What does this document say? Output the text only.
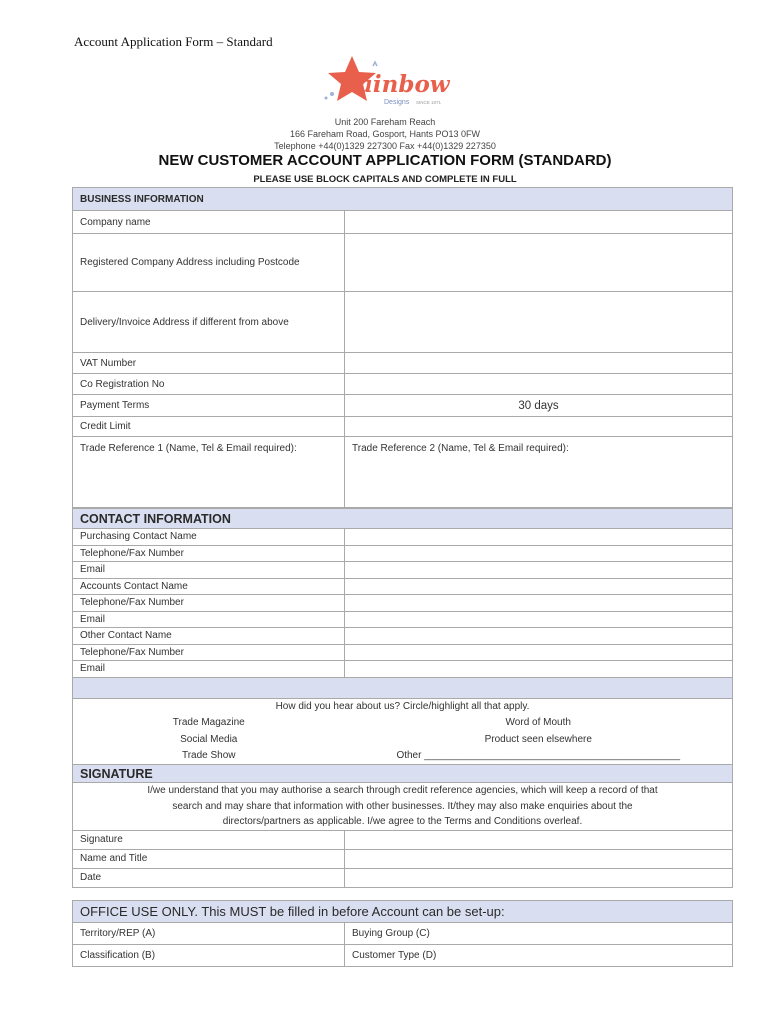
Account Application Form – Standard
ainbow
Designs SINCE 1971
Unit 200 Fareham Reach
166 Fareham Road, Gosport, Hants PO13 0FW
Telephone +44(0)1329 227300 Fax +44(0)1329 227350
NEW CUSTOMER ACCOUNT APPLICATION FORM (STANDARD)
PLEASE USE BLOCK CAPITALS AND COMPLETE IN FULL
BUSINESS INFORMATION	
Company name	
Registered Company Address including Postcode	
Delivery/Invoice Address if different from above	
VAT Number	
Co Registration No	
Payment Terms	30 days
Credit Limit	
Trade Reference 1 (Name, Tel & Email required):	Trade Reference 2 (Name, Tel & Email required):
CONTACT INFORMATION	
Purchasing Contact Name	
Telephone/Fax Number	
Email	
Accounts Contact Name	
Telephone/Fax Number	
Email	
Other Contact Name	
Telephone/Fax Number	
Email	

How did you hear about us? Circle/highlight all that apply.	
Trade Magazine	Word of Mouth
Social Media	Product seen elsewhere
Trade Show	Other ______________________________________________
SIGNATURE	
I/we understand that you may authorise a search through credit reference agencies, which will keep a record of that
search and may share that information with other businesses. It/they may also make enquiries about the
directors/partners as applicable. I/we agree to the Terms and Conditions overleaf.	
Signature	
Name and Title	
Date	
OFFICE USE ONLY. This MUST be filled in before Account can be set-up:	
Territory/REP (A)	Buying Group (C)
Classification (B)	Customer Type (D)
